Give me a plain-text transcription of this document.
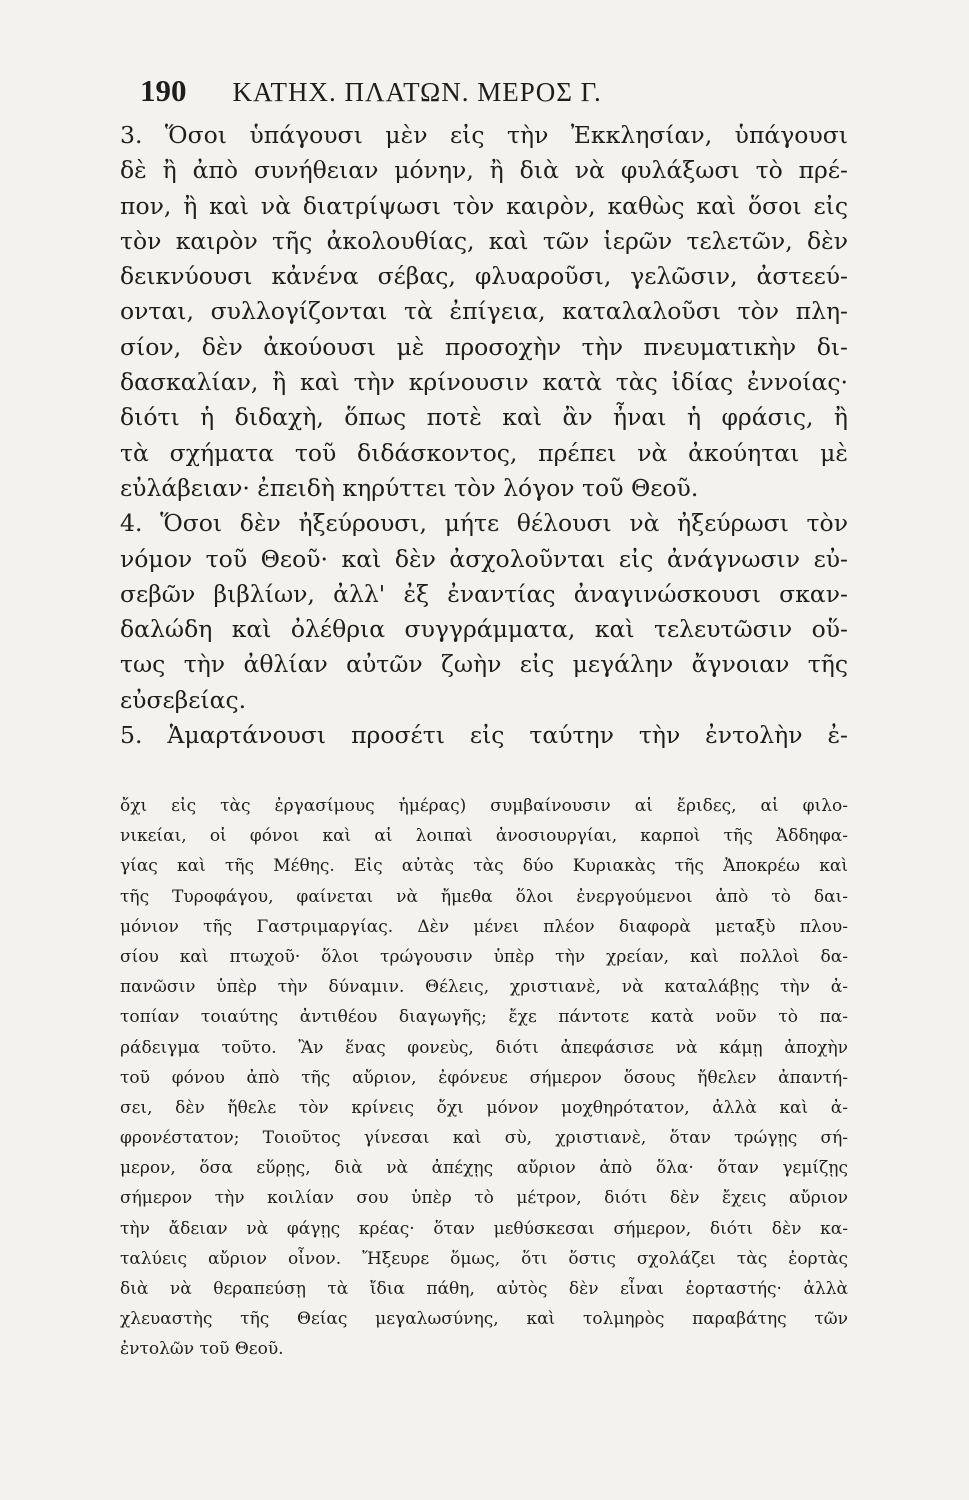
190 ΚΑΤΗΧ. ΠΛΑΤΩΝ. ΜΕΡΟΣ Γ.
3. Ὅσοι ὑπάγουσι μὲν εἰς τὴν Ἐκκλησίαν, ὑπάγουσι
δὲ ἢ ἀπὸ συνήθειαν μόνην, ἢ διὰ νὰ φυλάξωσι τὸ πρέ-
πον, ἢ καὶ νὰ διατρίψωσι τὸν καιρὸν, καθὼς καὶ ὅσοι εἰς
τὸν καιρὸν τῆς ἀκολουθίας, καὶ τῶν ἱερῶν τελετῶν, δὲν
δεικνύουσι κἀνένα σέβας, φλυαροῦσι, γελῶσιν, ἀστεεύ-
ονται, συλλογίζονται τὰ ἐπίγεια, καταλαλοῦσι τὸν πλη-
σίον, δὲν ἀκούουσι μὲ προσοχὴν τὴν πνευματικὴν δι-
δασκαλίαν, ἢ καὶ τὴν κρίνουσιν κατὰ τὰς ἰδίας ἐννοίας·
διότι ἡ διδαχὴ, ὅπως ποτὲ καὶ ἂν ἦναι ἡ φράσις, ἢ
τὰ σχήματα τοῦ διδάσκοντος, πρέπει νὰ ἀκούηται μὲ
εὐλάβειαν· ἐπειδὴ κηρύττει τὸν λόγον τοῦ Θεοῦ.
4. Ὅσοι δὲν ἠξεύρουσι, μήτε θέλουσι νὰ ἠξεύρωσι τὸν
νόμον τοῦ Θεοῦ· καὶ δὲν ἀσχολοῦνται εἰς ἀνάγνωσιν εὐ-
σεβῶν βιβλίων, ἀλλ' ἐξ ἐναντίας ἀναγινώσκουσι σκαν-
δαλώδη καὶ ὀλέθρια συγγράμματα, καὶ τελευτῶσιν οὕ-
τως τὴν ἀθλίαν αὐτῶν ζωὴν εἰς μεγάλην ἄγνοιαν τῆς
εὐσεβείας.
5. Ἁμαρτάνουσι προσέτι εἰς ταύτην τὴν ἐντολὴν ἐ-
ὄχι εἰς τὰς ἐργασίμους ἡμέρας) συμβαίνουσιν αἱ ἔριδες, αἱ φιλο-
νικείαι, οἱ φόνοι καὶ αἱ λοιπαὶ ἀνοσιουργίαι, καρποὶ τῆς Ἀδδηφα-
γίας καὶ τῆς Μέθης. Εἰς αὐτὰς τὰς δύο Κυριακὰς τῆς Ἀποκρέω καὶ
τῆς Τυροφάγου, φαίνεται νὰ ἤμεθα ὅλοι ἐνεργούμενοι ἀπὸ τὸ δαι-
μόνιον τῆς Γαστριμαργίας. Δὲν μένει πλέον διαφορὰ μεταξὺ πλου-
σίου καὶ πτωχοῦ· ὅλοι τρώγουσιν ὑπὲρ τὴν χρείαν, καὶ πολλοὶ δα-
πανῶσιν ὑπὲρ τὴν δύναμιν. Θέλεις, χριστιανὲ, νὰ καταλάβῃς τὴν ἀ-
τοπίαν τοιαύτης ἀντιθέου διαγωγῆς; ἔχε πάντοτε κατὰ νοῦν τὸ πα-
ράδειγμα τοῦτο. Ἂν ἕνας φονεὺς, διότι ἀπεφάσισε νὰ κάμῃ ἀποχὴν
τοῦ φόνου ἀπὸ τῆς αὔριον, ἐφόνευε σήμερον ὅσους ἤθελεν ἀπαντή-
σει, δὲν ἤθελε τὸν κρίνεις ὄχι μόνον μοχθηρότατον, ἀλλὰ καὶ ἀ-
φρονέστατον; Τοιοῦτος γίνεσαι καὶ σὺ, χριστιανὲ, ὅταν τρώγῃς σή-
μερον, ὅσα εὕρῃς, διὰ νὰ ἀπέχῃς αὔριον ἀπὸ ὅλα· ὅταν γεμίζῃς
σήμερον τὴν κοιλίαν σου ὑπὲρ τὸ μέτρον, διότι δὲν ἔχεις αὔριον
τὴν ἄδειαν νὰ φάγῃς κρέας· ὅταν μεθύσκεσαι σήμερον, διότι δὲν κα-
ταλύεις αὔριον οἶνον. Ἤξευρε ὅμως, ὅτι ὅστις σχολάζει τὰς ἑορτὰς
διὰ νὰ θεραπεύσῃ τὰ ἴδια πάθη, αὐτὸς δὲν εἶναι ἑορταστής· ἀλλὰ
χλευαστὴς τῆς Θείας μεγαλωσύνης, καὶ τολμηρὸς παραβάτης τῶν
ἐντολῶν τοῦ Θεοῦ.
